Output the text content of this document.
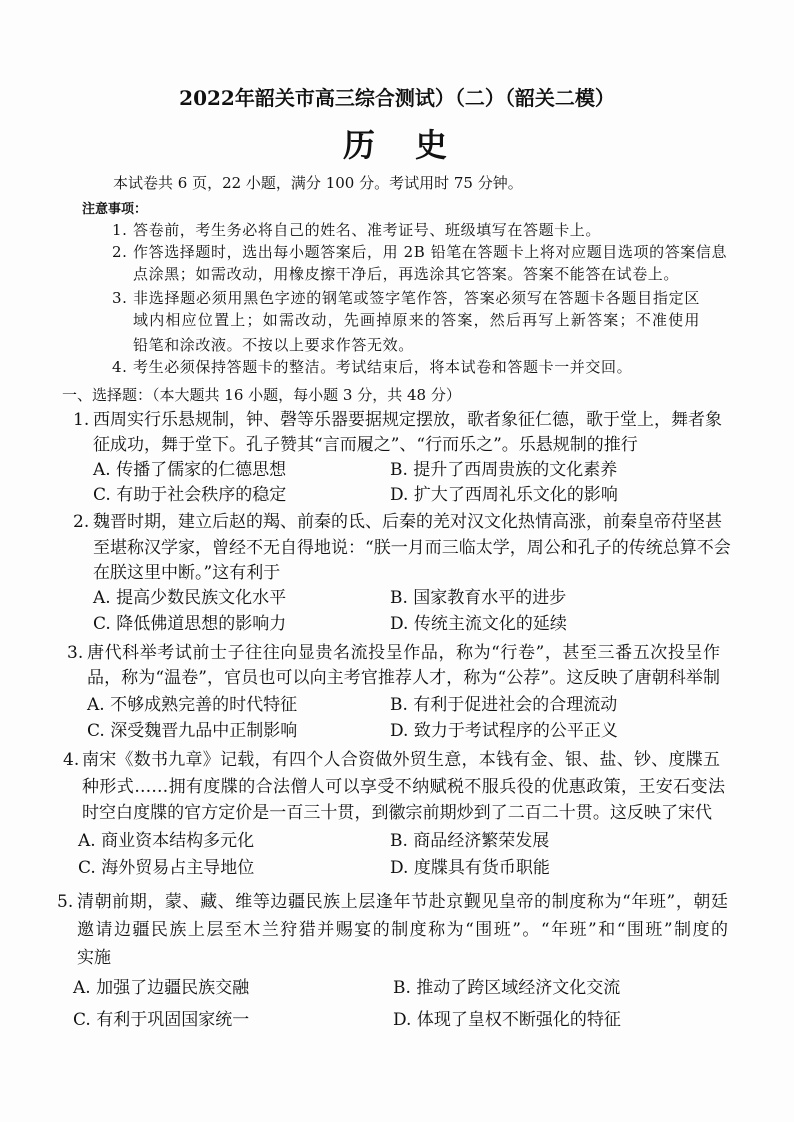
2022年韶关市高三综合测试）（二）（韶关二模）
历　史
本试卷共 6 页，22 小题，满分 100 分。考试用时 75 分钟。
注意事项：
1. 答卷前，考生务必将自己的姓名、准考证号、班级填写在答题卡上。
2. 作答选择题时，选出每小题答案后，用 2B 铅笔在答题卡上将对应题目选项的答案信息
点涂黑；如需改动，用橡皮擦干净后，再选涂其它答案。答案不能答在试卷上。
3. 非选择题必须用黑色字迹的钢笔或签字笔作答，答案必须写在答题卡各题目指定区
域内相应位置上；如需改动，先画掉原来的答案，然后再写上新答案；不准使用
铅笔和涂改液。不按以上要求作答无效。
4. 考生必须保持答题卡的整洁。考试结束后，将本试卷和答题卡一并交回。
一、选择题：（本大题共 16 小题，每小题 3 分，共 48 分）
1. 西周实行乐悬规制，钟、磬等乐器要据规定摆放，歌者象征仁德，歌于堂上，舞者象
征成功，舞于堂下。孔子赞其“言而履之”、“行而乐之”。乐悬规制的推行
A. 传播了儒家的仁德思想	B. 提升了西周贵族的文化素养
C. 有助于社会秩序的稳定	D. 扩大了西周礼乐文化的影响
2. 魏晋时期，建立后赵的羯、前秦的氐、后秦的羌对汉文化热情高涨，前秦皇帝苻坚甚
至堪称汉学家，曾经不无自得地说：“朕一月而三临太学，周公和孔子的传统总算不会
在朕这里中断。”这有利于
A. 提高少数民族文化水平	B. 国家教育水平的进步
C. 降低佛道思想的影响力	D. 传统主流文化的延续
3. 唐代科举考试前士子往往向显贵名流投呈作品，称为“行卷”，甚至三番五次投呈作
品，称为“温卷”，官员也可以向主考官推荐人才，称为“公荐”。这反映了唐朝科举制
A. 不够成熟完善的时代特征	B. 有利于促进社会的合理流动
C. 深受魏晋九品中正制影响	D. 致力于考试程序的公平正义
4. 南宋《数书九章》记载，有四个人合资做外贸生意，本钱有金、银、盐、钞、度牒五
种形式……拥有度牒的合法僧人可以享受不纳赋税不服兵役的优惠政策，王安石变法
时空白度牒的官方定价是一百三十贯，到徽宗前期炒到了二百二十贯。这反映了宋代
A. 商业资本结构多元化	B. 商品经济繁荣发展
C. 海外贸易占主导地位	D. 度牒具有货币职能
5. 清朝前期，蒙、藏、维等边疆民族上层逢年节赴京觐见皇帝的制度称为“年班”，朝廷
邀请边疆民族上层至木兰狩猎并赐宴的制度称为“围班”。“年班”和“围班”制度的
实施
A. 加强了边疆民族交融	B. 推动了跨区域经济文化交流
C. 有利于巩固国家统一	D. 体现了皇权不断强化的特征
